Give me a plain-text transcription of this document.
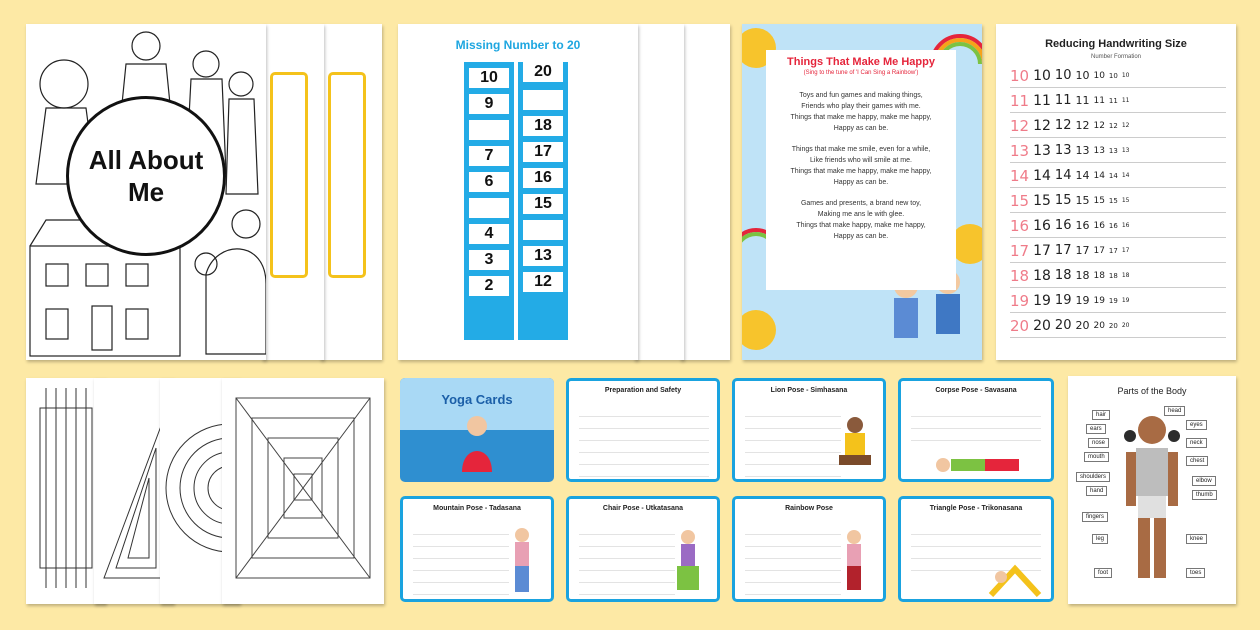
All About Me
Missing Number to 20
10
9
7
6
4
3
2
20
18
17
16
15
13
12
Things That Make Me Happy
(Sing to the tune of 'I Can Sing a Rainbow')
Toys and fun games and making things,
Friends who play their games with me.
Things that make me happy, make me happy,
Happy as can be.
Things that make me smile, even for a while,
Like friends who will smile at me.
Things that make me happy, make me happy,
Happy as can be.
Games and presents, a brand new toy,
Making me ans le with glee.
Things that make happy, make me happy,
Happy as can be.
Reducing Handwriting Size
Number Formation
10 10 10 10 10 10 10
11 11 11 11 11 11 11
12 12 12 12 12 12 12
13 13 13 13 13 13 13
14 14 14 14 14 14 14
15 15 15 15 15 15 15
16 16 16 16 16 16 16
17 17 17 17 17 17 17
18 18 18 18 18 18 18
19 19 19 19 19 19 19
20 20 20 20 20 20 20
Yoga Cards
Preparation and Safety	Lion Pose - Simhasana	Corpse Pose - Savasana
Mountain Pose - Tadasana	Chair Pose - Utkatasana	Rainbow Pose	Triangle Pose - Trikonasana
Parts of the Body
hair
head
ears
eyes
nose
mouth
neck
chest
shoulders
elbow
hand
thumb
fingers
leg	knee
foot	toes
